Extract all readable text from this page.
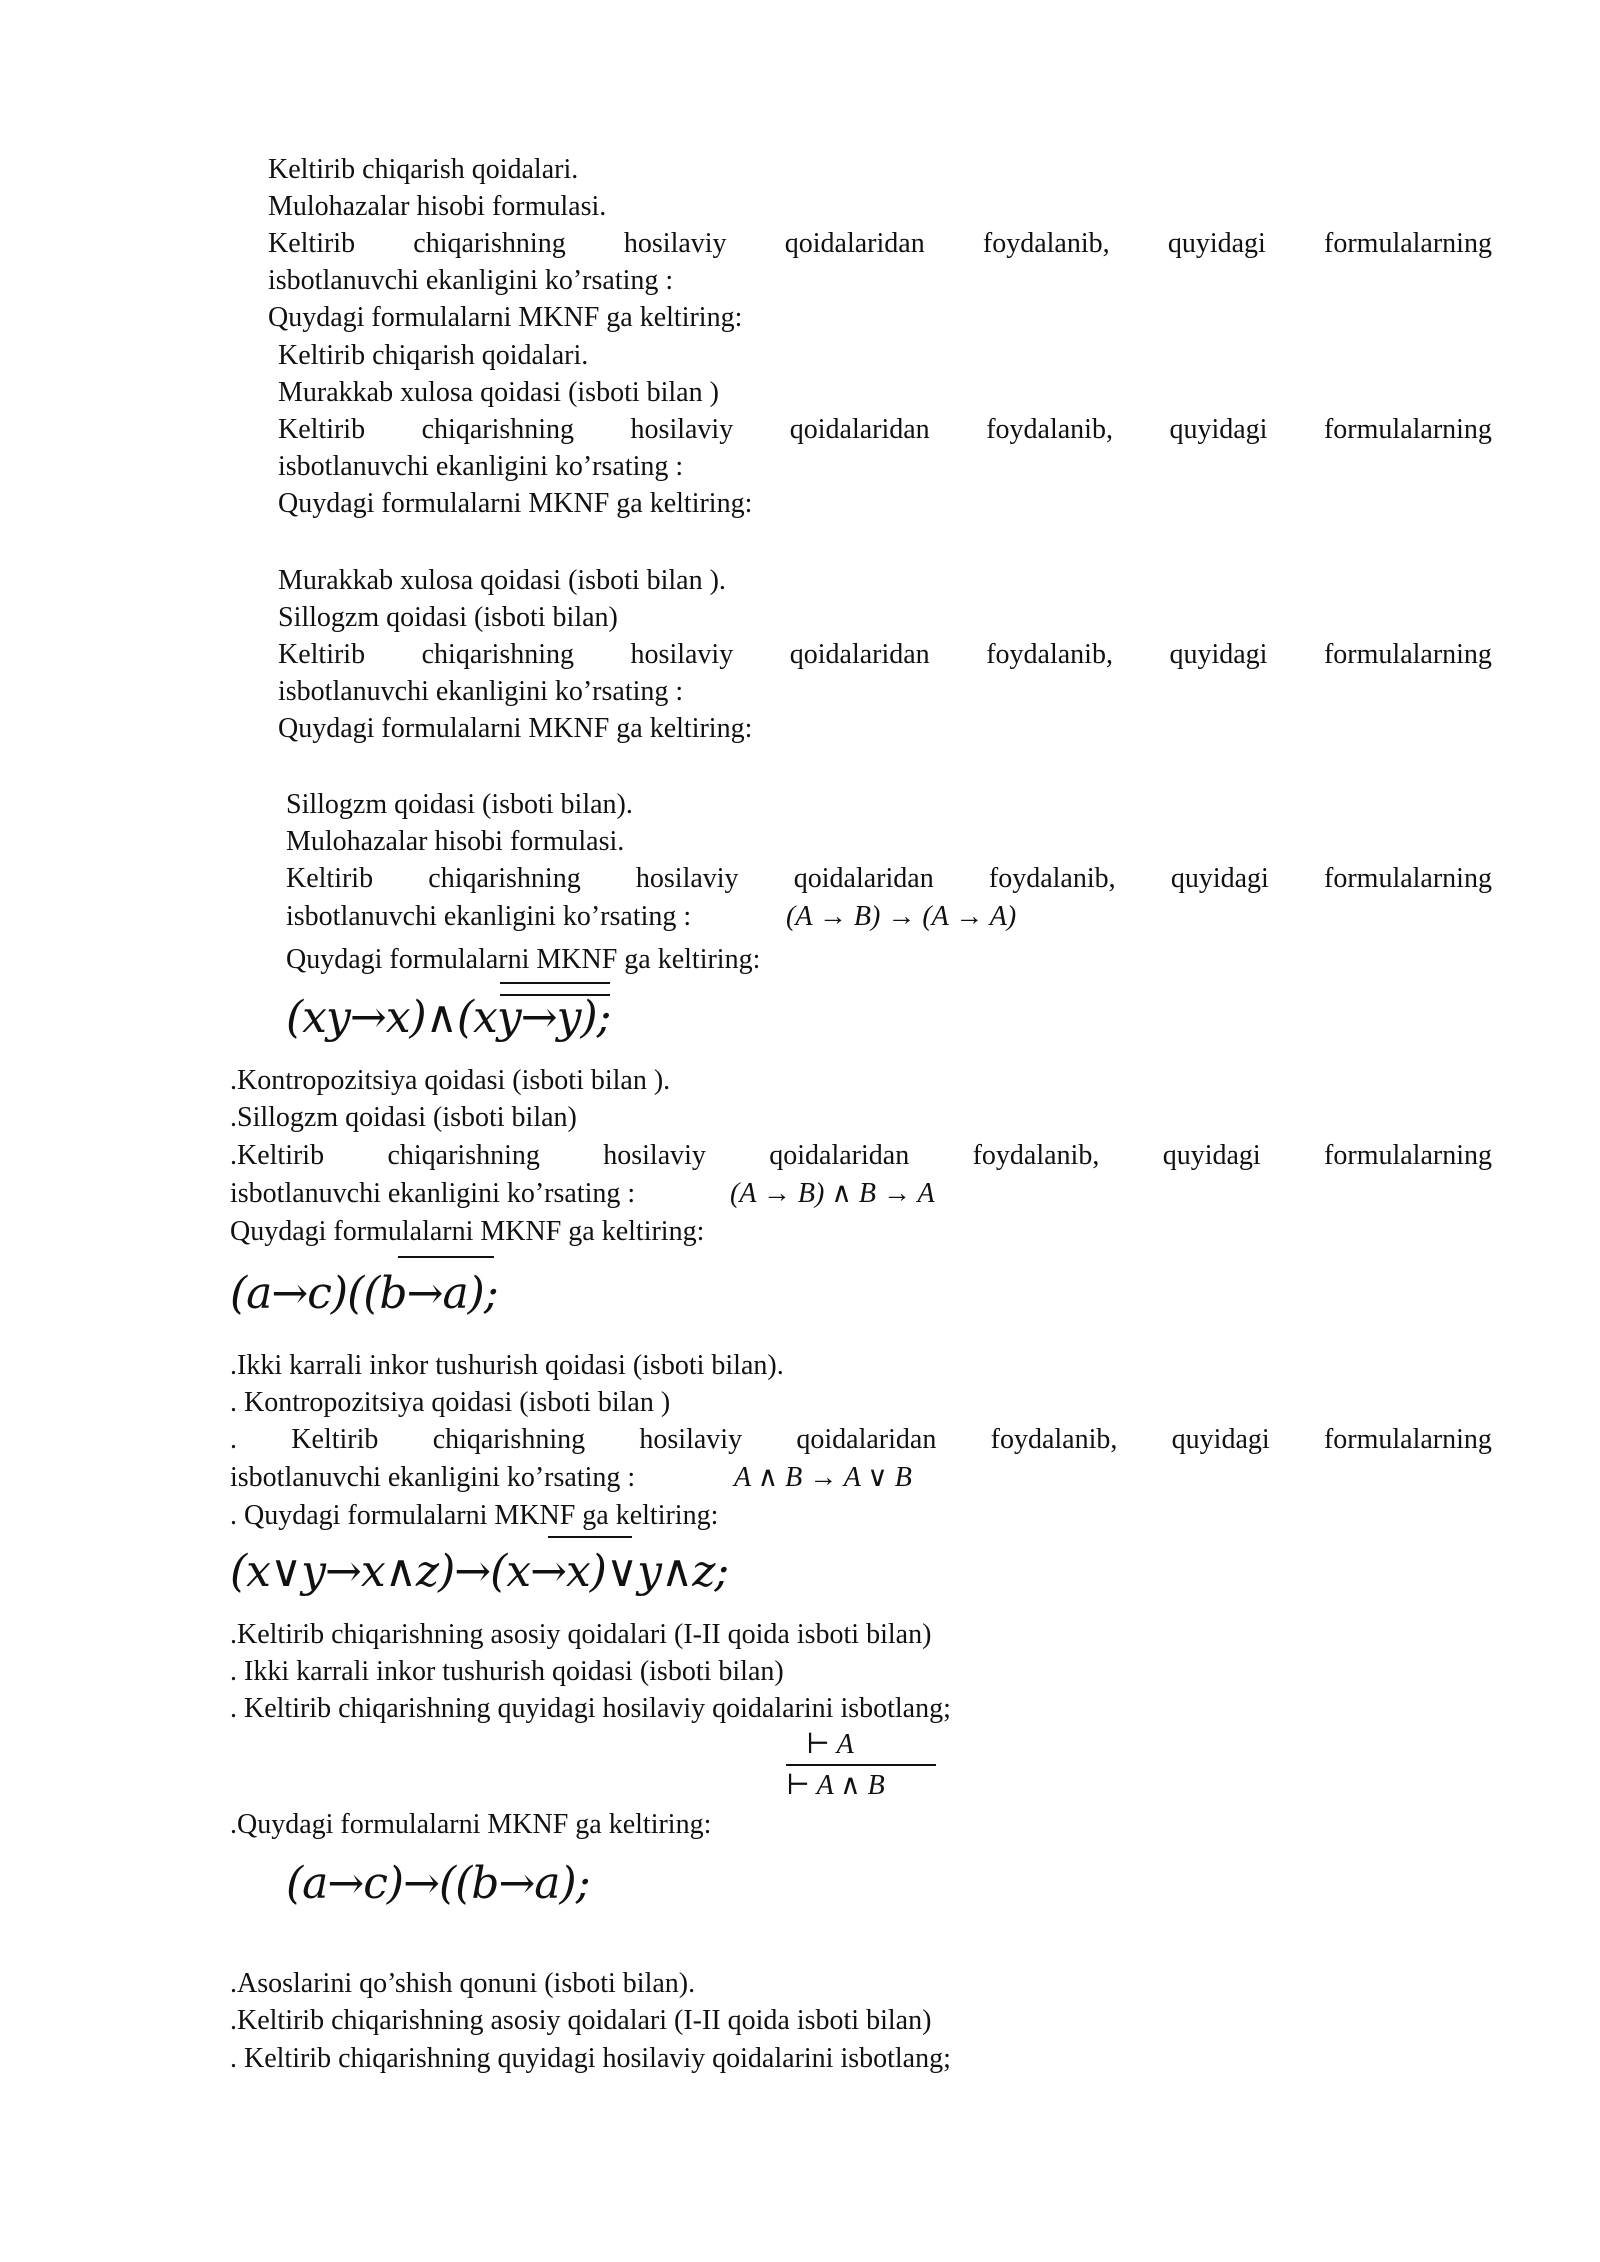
Keltirib chiqarish qoidalari.
Mulohazalar hisobi formulasi.
Keltirib chiqarishning hosilaviy qoidalaridan foydalanib, quyidagi formulalarning
isbotlanuvchi ekanligini ko’rsating :
Quydagi formulalarni MKNF ga keltiring:
Keltirib chiqarish qoidalari.
Murakkab xulosa qoidasi (isboti bilan )
Keltirib chiqarishning hosilaviy qoidalaridan foydalanib, quyidagi formulalarning
isbotlanuvchi ekanligini ko’rsating :
Quydagi formulalarni MKNF ga keltiring:
Murakkab xulosa qoidasi (isboti bilan ).
Sillogzm qoidasi (isboti bilan)
Keltirib chiqarishning hosilaviy qoidalaridan foydalanib, quyidagi formulalarning
isbotlanuvchi ekanligini ko’rsating :
Quydagi formulalarni MKNF ga keltiring:
Sillogzm qoidasi (isboti bilan).
Mulohazalar hisobi formulasi.
Keltirib chiqarishning hosilaviy qoidalaridan foydalanib, quyidagi formulalarning
isbotlanuvchi ekanligini ko’rsating :	(A → B) → (A → A)
Quydagi formulalarni MKNF ga keltiring:
(xy→x)∧(xy→y);
.Kontropozitsiya qoidasi (isboti bilan ).
.Sillogzm qoidasi (isboti bilan)
.Keltirib chiqarishning hosilaviy qoidalaridan foydalanib, quyidagi formulalarning
isbotlanuvchi ekanligini ko’rsating :	(A → B) ∧ B → A
Quydagi formulalarni MKNF ga keltiring:
(a→c)((b→a);
.Ikki karrali inkor tushurish qoidasi (isboti bilan).
. Kontropozitsiya qoidasi (isboti bilan )
. Keltirib chiqarishning hosilaviy qoidalaridan foydalanib, quyidagi formulalarning
isbotlanuvchi ekanligini ko’rsating :	A ∧ B → A ∨ B
. Quydagi formulalarni MKNF ga keltiring:
(x∨y→x∧z)→(x→x)∨y∧z;
.Keltirib chiqarishning asosiy qoidalari (I-II qoida isboti bilan)
. Ikki karrali inkor tushurish qoidasi (isboti bilan)
. Keltirib chiqarishning quyidagi hosilaviy qoidalarini isbotlang;
⊢ A
⊢ A ∧ B
.Quydagi formulalarni MKNF ga keltiring:
(a→c)→((b→a);
.Asoslarini qo’shish qonuni (isboti bilan).
.Keltirib chiqarishning asosiy qoidalari (I-II qoida isboti bilan)
. Keltirib chiqarishning quyidagi hosilaviy qoidalarini isbotlang;
